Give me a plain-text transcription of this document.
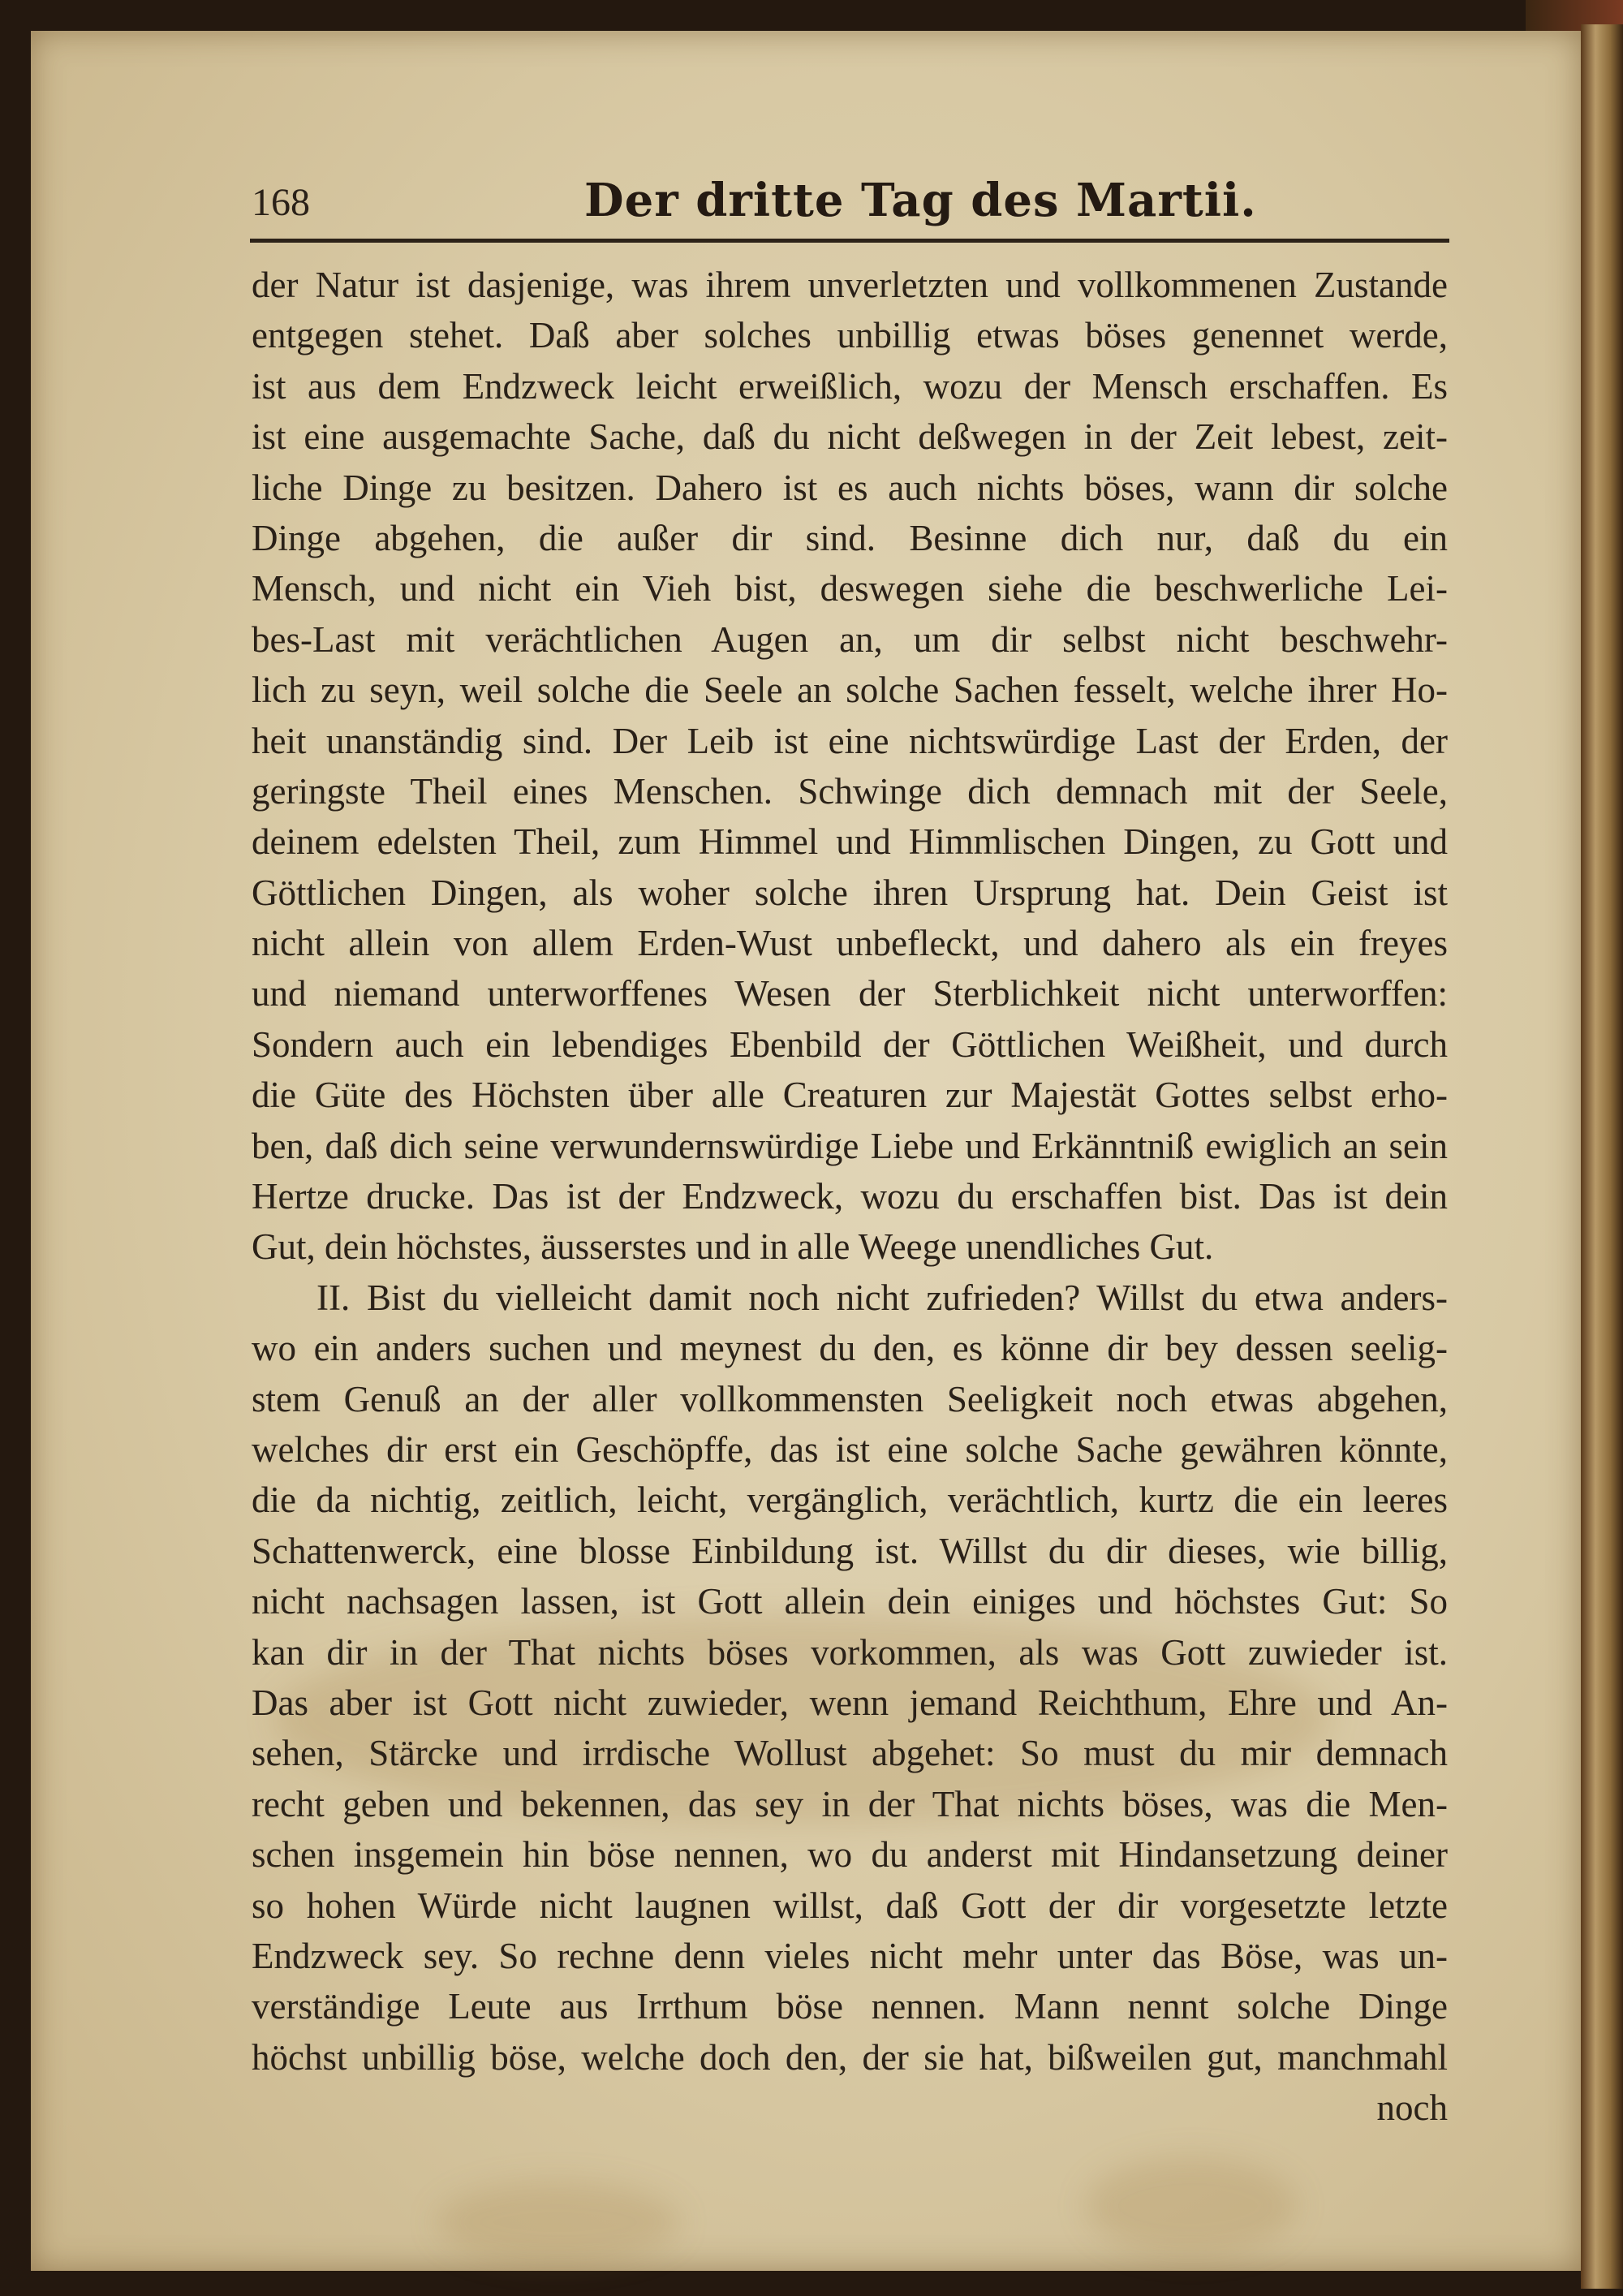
168	Der dritte Tag des Martii.
der Natur ist dasjenige, was ihrem unverletzten und vollkommenen Zustande
entgegen stehet. Daß aber solches unbillig etwas böses genennet werde,
ist aus dem Endzweck leicht erweißlich, wozu der Mensch erschaffen. Es
ist eine ausgemachte Sache, daß du nicht deßwegen in der Zeit lebest, zeit-
liche Dinge zu besitzen. Dahero ist es auch nichts böses, wann dir solche
Dinge abgehen, die außer dir sind. Besinne dich nur, daß du ein
Mensch, und nicht ein Vieh bist, deswegen siehe die beschwerliche Lei-
bes-Last mit verächtlichen Augen an, um dir selbst nicht beschwehr-
lich zu seyn, weil solche die Seele an solche Sachen fesselt, welche ihrer Ho-
heit unanständig sind. Der Leib ist eine nichtswürdige Last der Erden, der
geringste Theil eines Menschen. Schwinge dich demnach mit der Seele,
deinem edelsten Theil, zum Himmel und Himmlischen Dingen, zu Gott und
Göttlichen Dingen, als woher solche ihren Ursprung hat. Dein Geist ist
nicht allein von allem Erden-Wust unbefleckt, und dahero als ein freyes
und niemand unterworffenes Wesen der Sterblichkeit nicht unterworffen:
Sondern auch ein lebendiges Ebenbild der Göttlichen Weißheit, und durch
die Güte des Höchsten über alle Creaturen zur Majestät Gottes selbst erho-
ben, daß dich seine verwundernswürdige Liebe und Erkänntniß ewiglich an sein
Hertze drucke. Das ist der Endzweck, wozu du erschaffen bist. Das ist dein
Gut, dein höchstes, äusserstes und in alle Weege unendliches Gut.
II. Bist du vielleicht damit noch nicht zufrieden? Willst du etwa anders-
wo ein anders suchen und meynest du den, es könne dir bey dessen seelig-
stem Genuß an der aller vollkommensten Seeligkeit noch etwas abgehen,
welches dir erst ein Geschöpffe, das ist eine solche Sache gewähren könnte,
die da nichtig, zeitlich, leicht, vergänglich, verächtlich, kurtz die ein leeres
Schattenwerck, eine blosse Einbildung ist. Willst du dir dieses, wie billig,
nicht nachsagen lassen, ist Gott allein dein einiges und höchstes Gut: So
kan dir in der That nichts böses vorkommen, als was Gott zuwieder ist.
Das aber ist Gott nicht zuwieder, wenn jemand Reichthum, Ehre und An-
sehen, Stärcke und irrdische Wollust abgehet: So must du mir demnach
recht geben und bekennen, das sey in der That nichts böses, was die Men-
schen insgemein hin böse nennen, wo du anderst mit Hindansetzung deiner
so hohen Würde nicht laugnen willst, daß Gott der dir vorgesetzte letzte
Endzweck sey. So rechne denn vieles nicht mehr unter das Böse, was un-
verständige Leute aus Irrthum böse nennen. Mann nennt solche Dinge
höchst unbillig böse, welche doch den, der sie hat, bißweilen gut, manchmahl
noch
